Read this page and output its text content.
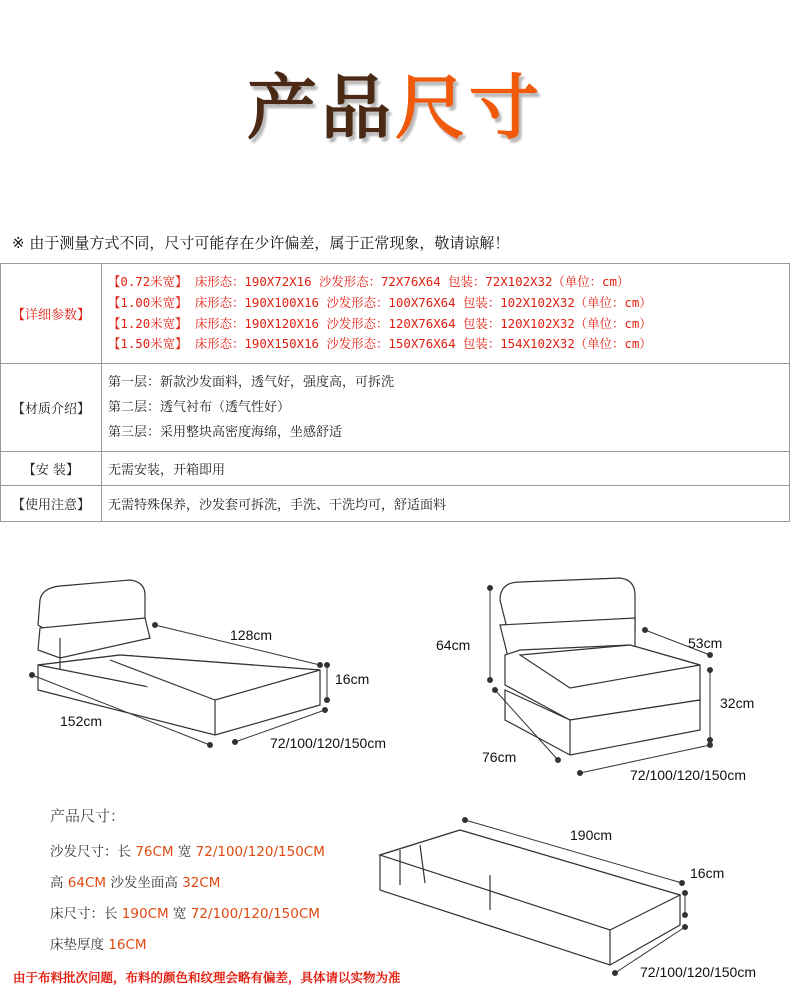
产品尺寸
※ 由于测量方式不同，尺寸可能存在少许偏差，属于正常现象，敬请谅解！
【详细参数】	【0.72米宽】 床形态：190X72X16 沙发形态：72X76X64 包装：72X102X32（单位：cm）
【1.00米宽】 床形态：190X100X16 沙发形态：100X76X64 包装：102X102X32（单位：cm）
【1.20米宽】 床形态：190X120X16 沙发形态：120X76X64 包装：120X102X32（单位：cm）
【1.50米宽】 床形态：190X150X16 沙发形态：150X76X64 包装：154X102X32（单位：cm）

【材质介绍】	第一层：新款沙发面料，透气好，强度高，可拆洗
第二层：透气衬布（透气性好）
第三层：采用整块高密度海绵，坐感舒适

【安 装】	无需安装，开箱即用
【使用注意】	无需特殊保养，沙发套可拆洗，手洗、干洗均可，舒适面料
128cm
16cm
152cm
72/100/120/150cm
64cm	53cm
32cm
76cm
72/100/120/150cm
190cm
16cm
72/100/120/150cm
产品尺寸：
沙发尺寸：长 76CM 宽 72/100/120/150CM
高 64CM 沙发坐面高 32CM
床尺寸：长 190CM 宽 72/100/120/150CM
床垫厚度 16CM
由于布料批次问题，布料的颜色和纹理会略有偏差，具体请以实物为准
